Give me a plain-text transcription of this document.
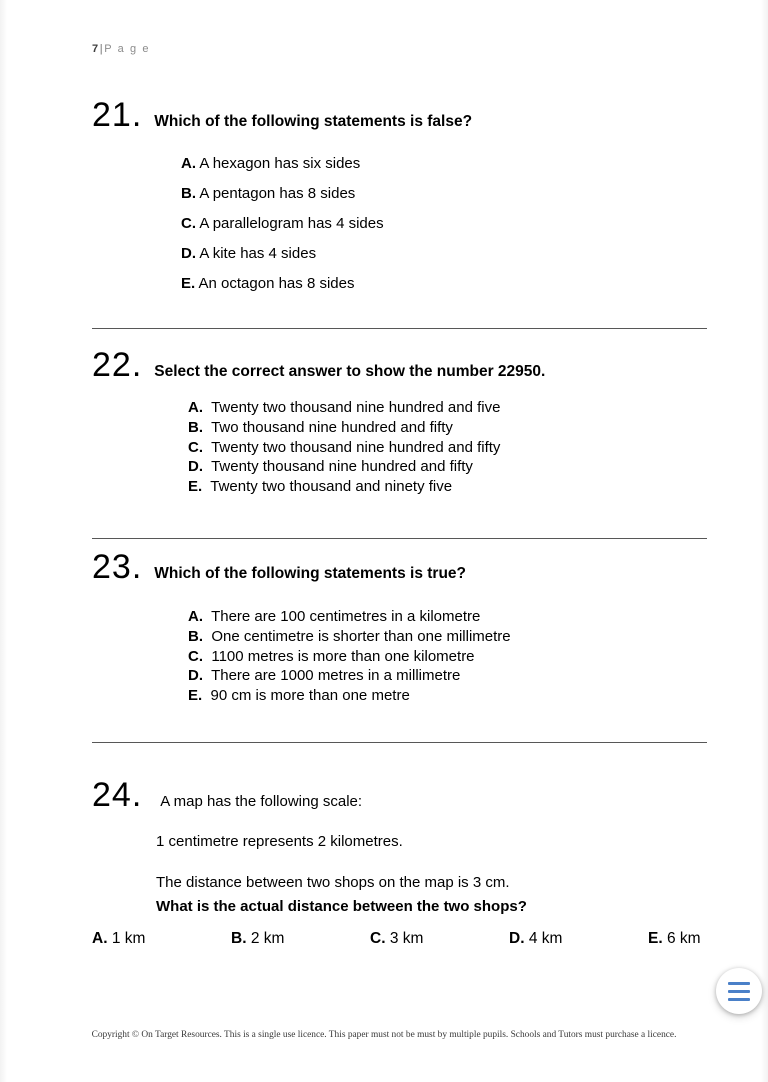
7|P a g e
21. Which of the following statements is false?
A. A hexagon has six sides
B. A pentagon has 8 sides
C. A parallelogram has 4 sides
D. A kite has 4 sides
E. An octagon has 8 sides
22. Select the correct answer to show the number 22950.
A. Twenty two thousand nine hundred and five
B. Two thousand nine hundred and fifty
C. Twenty two thousand nine hundred and fifty
D. Twenty thousand nine hundred and fifty
E. Twenty two thousand and ninety five
23. Which of the following statements is true?
A. There are 100 centimetres in a kilometre
B. One centimetre is shorter than one millimetre
C. 1100 metres is more than one kilometre
D. There are 1000 metres in a millimetre
E. 90 cm is more than one metre
24. A map has the following scale:
1 centimetre represents 2 kilometres.
The distance between two shops on the map is 3 cm.
What is the actual distance between the two shops?
A. 1 km	B. 2 km	C. 3 km	D. 4 km	E. 6 km
Copyright © On Target Resources. This is a single use licence. This paper must not be must by multiple pupils. Schools and Tutors must purchase a licence.
